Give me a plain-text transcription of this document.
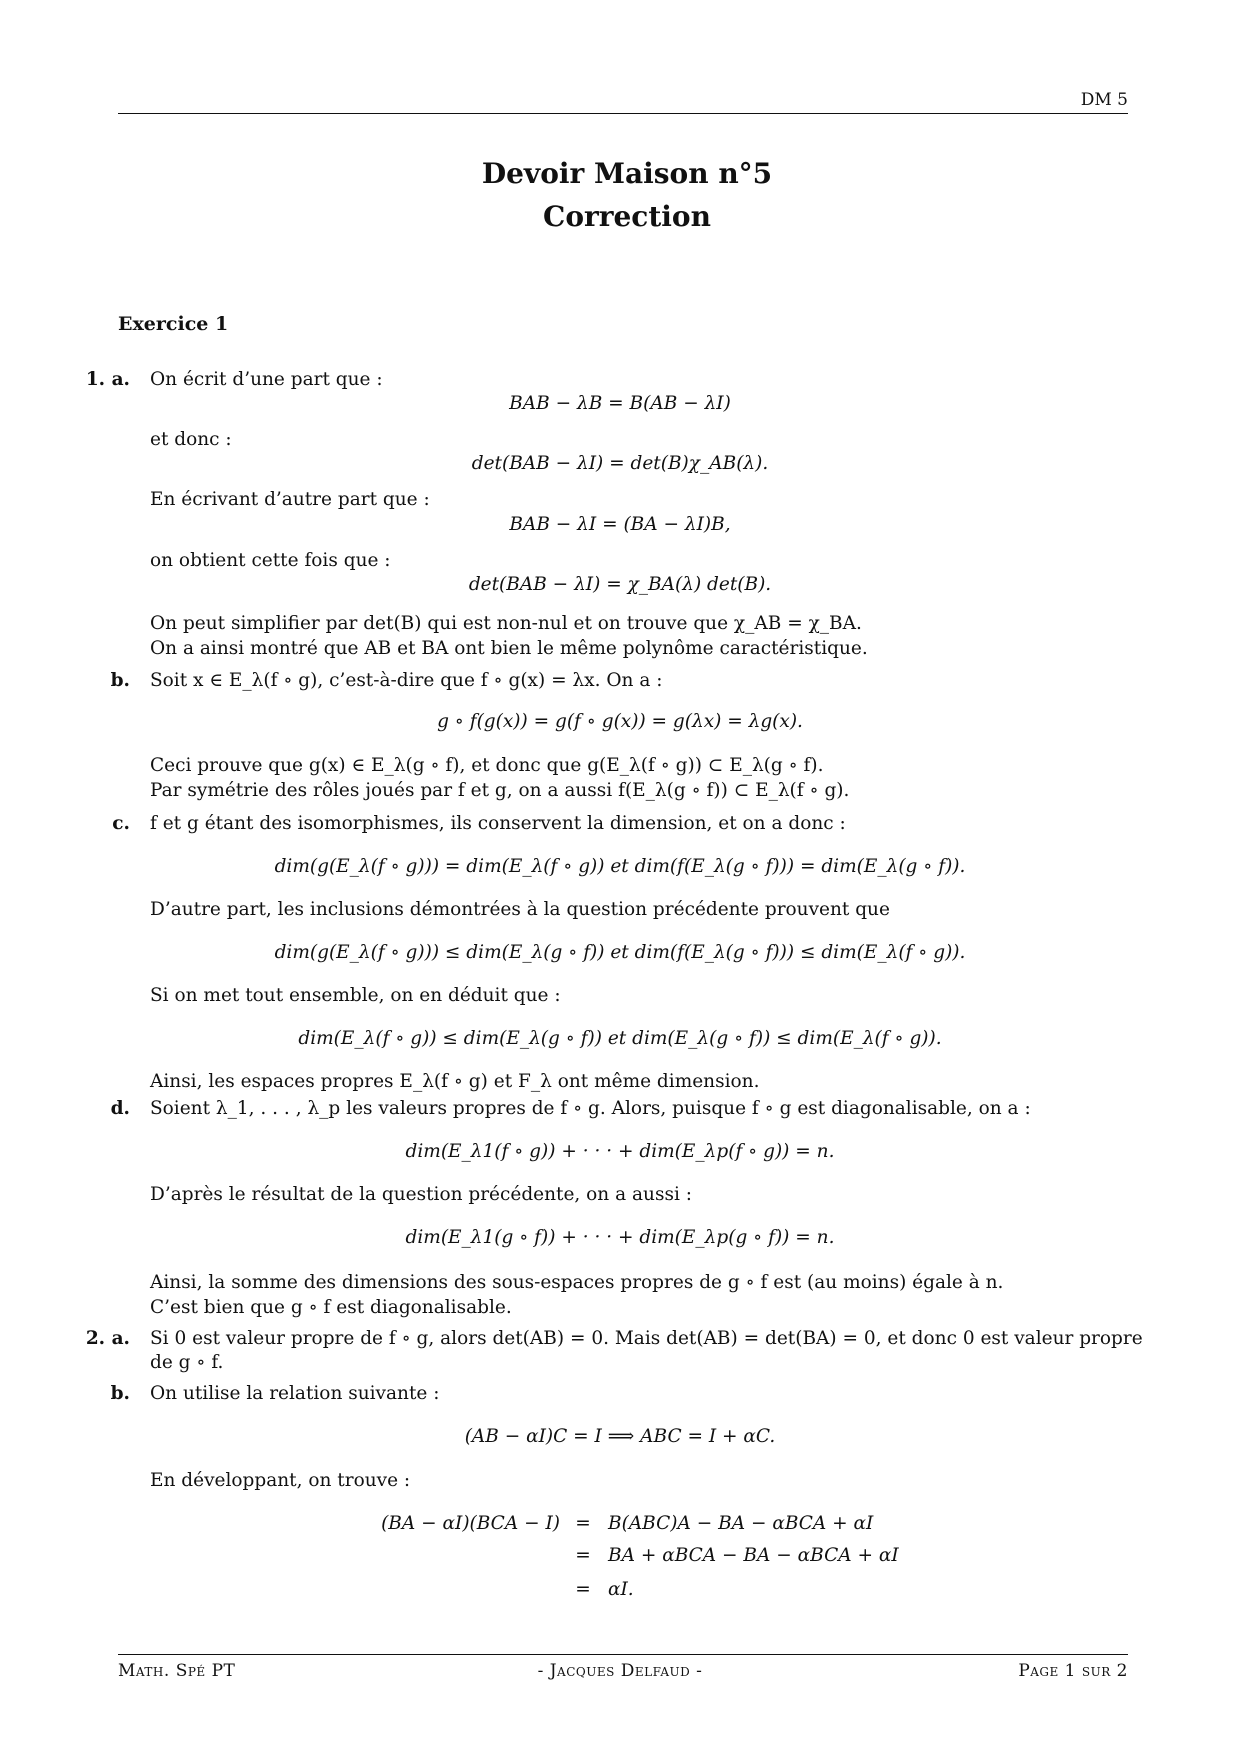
DM 5
Devoir Maison n°5
Correction
Exercice 1
1. a.
b.
c.
d.
2. a.
b.
On écrit d’une part que :
BAB − λB = B(AB − λI)
et donc :
det(BAB − λI) = det(B)χ_AB(λ).
En écrivant d’autre part que :
BAB − λI = (BA − λI)B,
on obtient cette fois que :
det(BAB − λI) = χ_BA(λ) det(B).
On peut simplifier par det(B) qui est non-nul et on trouve que χ_AB = χ_BA.
On a ainsi montré que AB et BA ont bien le même polynôme caractéristique.
Soit x ∈ E_λ(f ∘ g), c’est-à-dire que f ∘ g(x) = λx. On a :
g ∘ f(g(x)) = g(f ∘ g(x)) = g(λx) = λg(x).
Ceci prouve que g(x) ∈ E_λ(g ∘ f), et donc que g(E_λ(f ∘ g)) ⊂ E_λ(g ∘ f).
Par symétrie des rôles joués par f et g, on a aussi f(E_λ(g ∘ f)) ⊂ E_λ(f ∘ g).
f et g étant des isomorphismes, ils conservent la dimension, et on a donc :
dim(g(E_λ(f ∘ g))) = dim(E_λ(f ∘ g)) et dim(f(E_λ(g ∘ f))) = dim(E_λ(g ∘ f)).
D’autre part, les inclusions démontrées à la question précédente prouvent que
dim(g(E_λ(f ∘ g))) ≤ dim(E_λ(g ∘ f)) et dim(f(E_λ(g ∘ f))) ≤ dim(E_λ(f ∘ g)).
Si on met tout ensemble, on en déduit que :
dim(E_λ(f ∘ g)) ≤ dim(E_λ(g ∘ f)) et dim(E_λ(g ∘ f)) ≤ dim(E_λ(f ∘ g)).
Ainsi, les espaces propres E_λ(f ∘ g) et F_λ ont même dimension.
Soient λ_1, . . . , λ_p les valeurs propres de f ∘ g. Alors, puisque f ∘ g est diagonalisable, on a :
dim(E_λ1(f ∘ g)) + · · · + dim(E_λp(f ∘ g)) = n.
D’après le résultat de la question précédente, on a aussi :
dim(E_λ1(g ∘ f)) + · · · + dim(E_λp(g ∘ f)) = n.
Ainsi, la somme des dimensions des sous-espaces propres de g ∘ f est (au moins) égale à n.
C’est bien que g ∘ f est diagonalisable.
Si 0 est valeur propre de f ∘ g, alors det(AB) = 0. Mais det(AB) = det(BA) = 0, et donc 0 est valeur propre
de g ∘ f.
On utilise la relation suivante :
(AB − αI)C = I ⟹ ABC = I + αC.
En développant, on trouve :
(BA − αI)(BCA − I) = B(ABC)A − BA − αBCA + αI
= BA + αBCA − BA − αBCA + αI
= αI.
Math. Spé PT	- Jacques Delfaud -	Page 1 sur 2
